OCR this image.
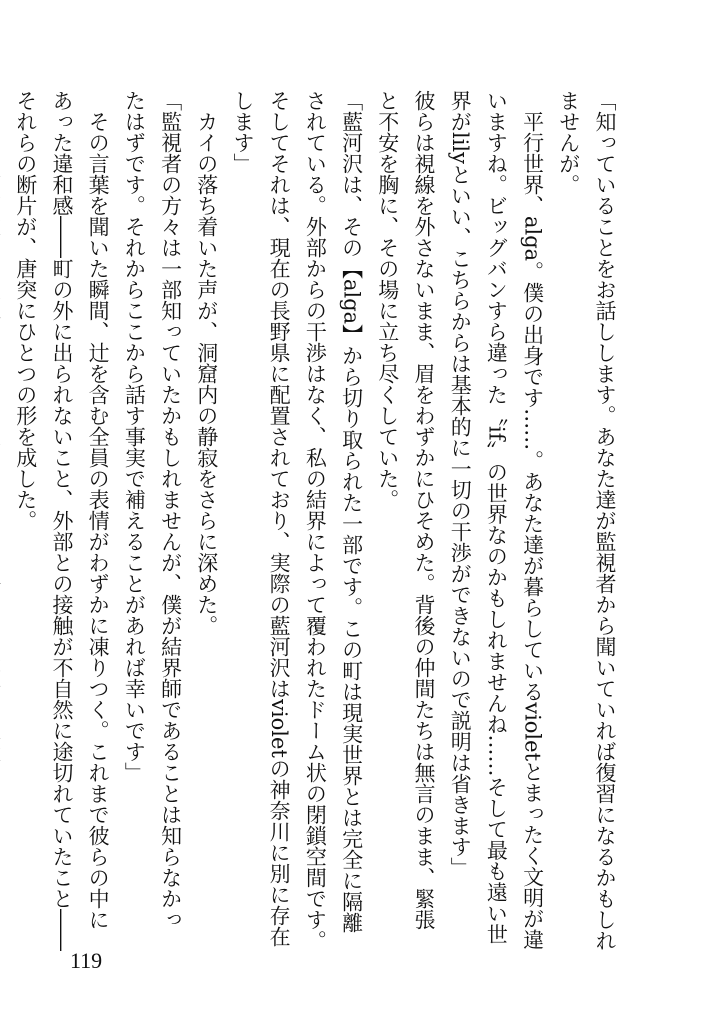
「知っていることをお話しします。あなた達が監視者から聞いていれば復習になるかもしれ
ませんが。
　平行世界、alga。僕の出身です……。あなた達が暮らしているvioletとまったく文明が違
いますね。ビッグバンすら違った〝if〟の世界なのかもしれませんね……そして最も遠い世
界がlilyといい、こちらからは基本的に一切の干渉ができないので説明は省きます」
彼らは視線を外さないまま、眉をわずかにひそめた。背後の仲間たちは無言のまま、緊張
と不安を胸に、その場に立ち尽くしていた。
「藍河沢は、その【alga】から切り取られた一部です。この町は現実世界とは完全に隔離
されている。外部からの干渉はなく、私の結界によって覆われたドーム状の閉鎖空間です。
そしてそれは、現在の長野県に配置されており、実際の藍河沢はvioletの神奈川に別に存在
します」
　カイの落ち着いた声が、洞窟内の静寂をさらに深めた。
「監視者の方々は一部知っていたかもしれませんが、僕が結界師であることは知らなかっ
たはずです。それからここから話す事実で補えることがあれば幸いです」
　その言葉を聞いた瞬間、辻を含む全員の表情がわずかに凍りつく。これまで彼らの中に
あった違和感――町の外に出られないこと、外部との接触が不自然に途切れていたこと――
それらの断片が、唐突にひとつの形を成した。
119
